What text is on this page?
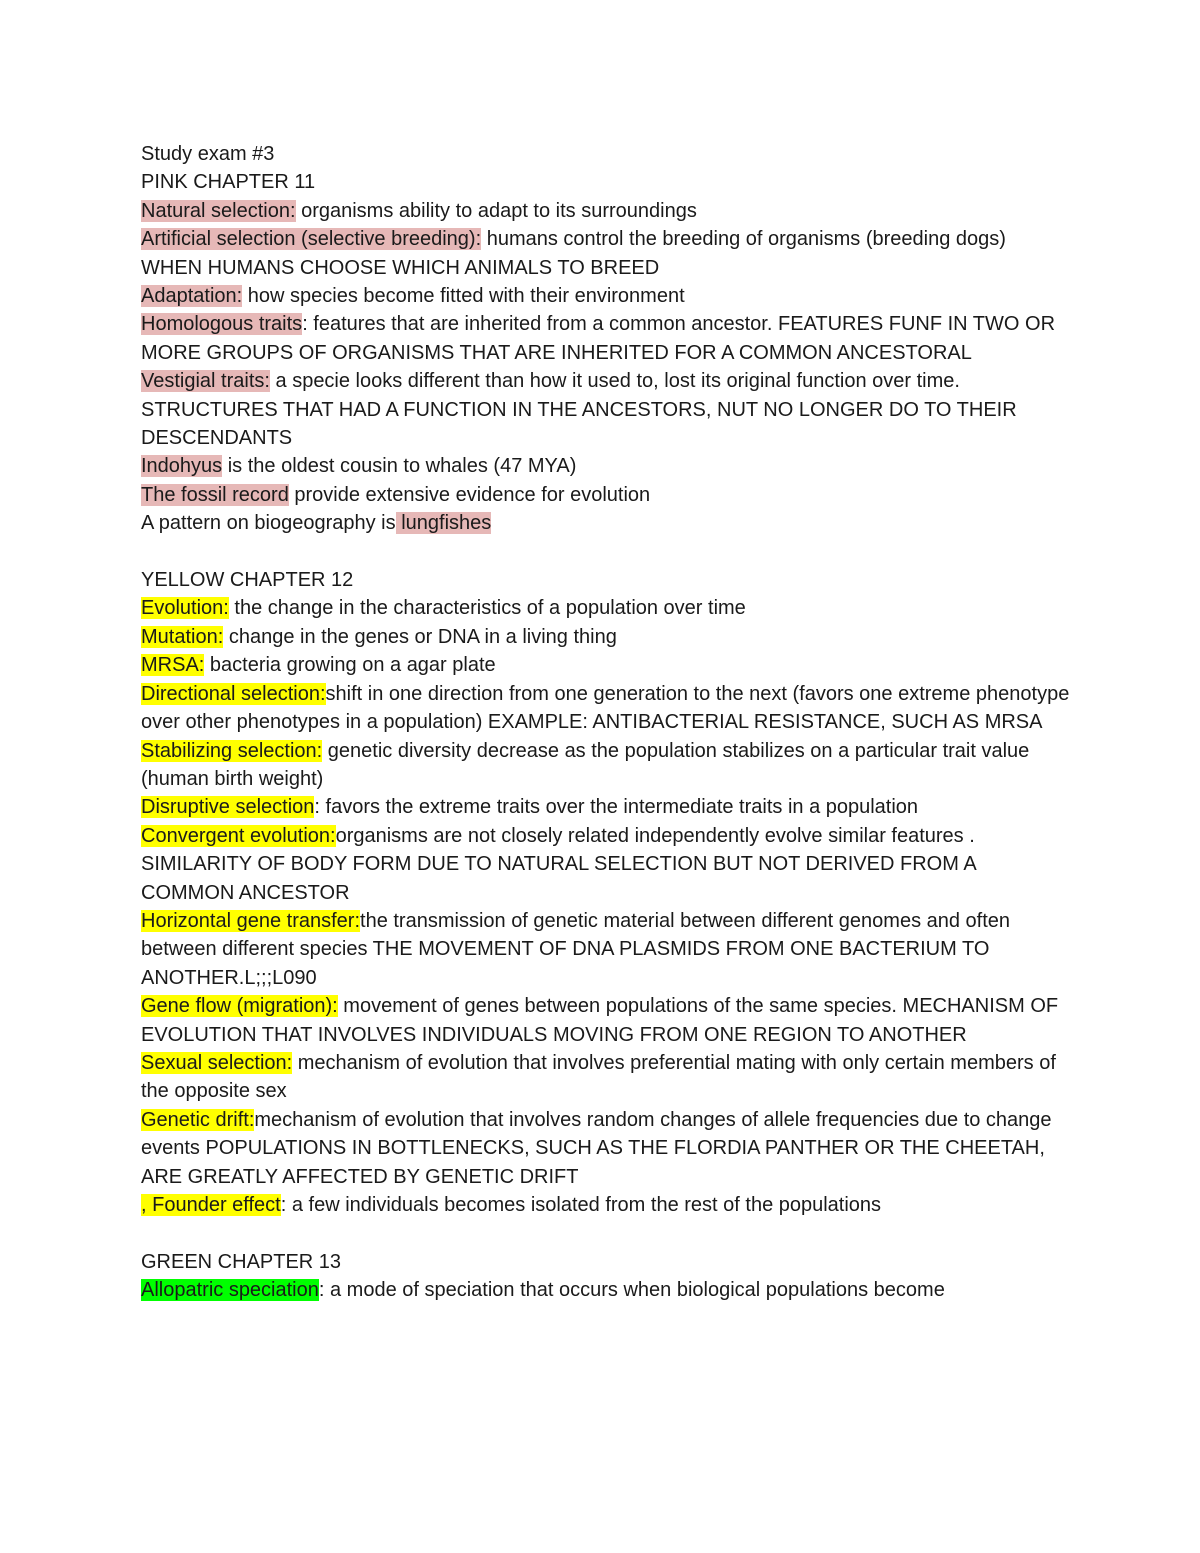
Study exam #3
PINK CHAPTER 11
Natural selection: organisms ability to adapt to its surroundings
Artificial selection (selective breeding): humans control the breeding of organisms (breeding dogs) WHEN HUMANS CHOOSE WHICH ANIMALS TO BREED
Adaptation: how species become fitted with their environment
Homologous traits: features that are inherited from a common ancestor. FEATURES FUNF IN TWO OR MORE GROUPS OF ORGANISMS THAT ARE INHERITED FOR A COMMON ANCESTORAL
Vestigial traits: a specie looks different than how it used to, lost its original function over time. STRUCTURES THAT HAD A FUNCTION IN THE ANCESTORS, NUT NO LONGER DO TO THEIR DESCENDANTS
Indohyus is the oldest cousin to whales (47 MYA)
The fossil record provide extensive evidence for evolution
A pattern on biogeography is lungfishes
YELLOW CHAPTER 12
Evolution: the change in the characteristics of a population over time
Mutation: change in the genes or DNA in a living thing
MRSA: bacteria growing on a agar plate
Directional selection:shift in one direction from one generation to the next (favors one extreme phenotype over other phenotypes in a population) EXAMPLE: ANTIBACTERIAL RESISTANCE, SUCH AS MRSA
Stabilizing selection: genetic diversity decrease as the population stabilizes on a particular trait value (human birth weight)
Disruptive selection: favors the extreme traits over the intermediate traits in a population
Convergent evolution:organisms are not closely related independently evolve similar features . SIMILARITY OF BODY FORM DUE TO NATURAL SELECTION BUT NOT DERIVED FROM A COMMON ANCESTOR
Horizontal gene transfer:the transmission of genetic material between different genomes and often between different species THE MOVEMENT OF DNA PLASMIDS FROM ONE BACTERIUM TO ANOTHER.L;;;L090
Gene flow (migration): movement of genes between populations of the same species. MECHANISM OF EVOLUTION THAT INVOLVES INDIVIDUALS MOVING FROM ONE REGION TO ANOTHER
Sexual selection: mechanism of evolution that involves preferential mating with only certain members of the opposite sex
Genetic drift:mechanism of evolution that involves random changes of allele frequencies due to change events POPULATIONS IN BOTTLENECKS, SUCH AS THE FLORDIA PANTHER OR THE CHEETAH, ARE GREATLY AFFECTED BY GENETIC DRIFT
, Founder effect: a few individuals becomes isolated from the rest of the populations
GREEN CHAPTER 13
Allopatric speciation: a mode of speciation that occurs when biological populations become
